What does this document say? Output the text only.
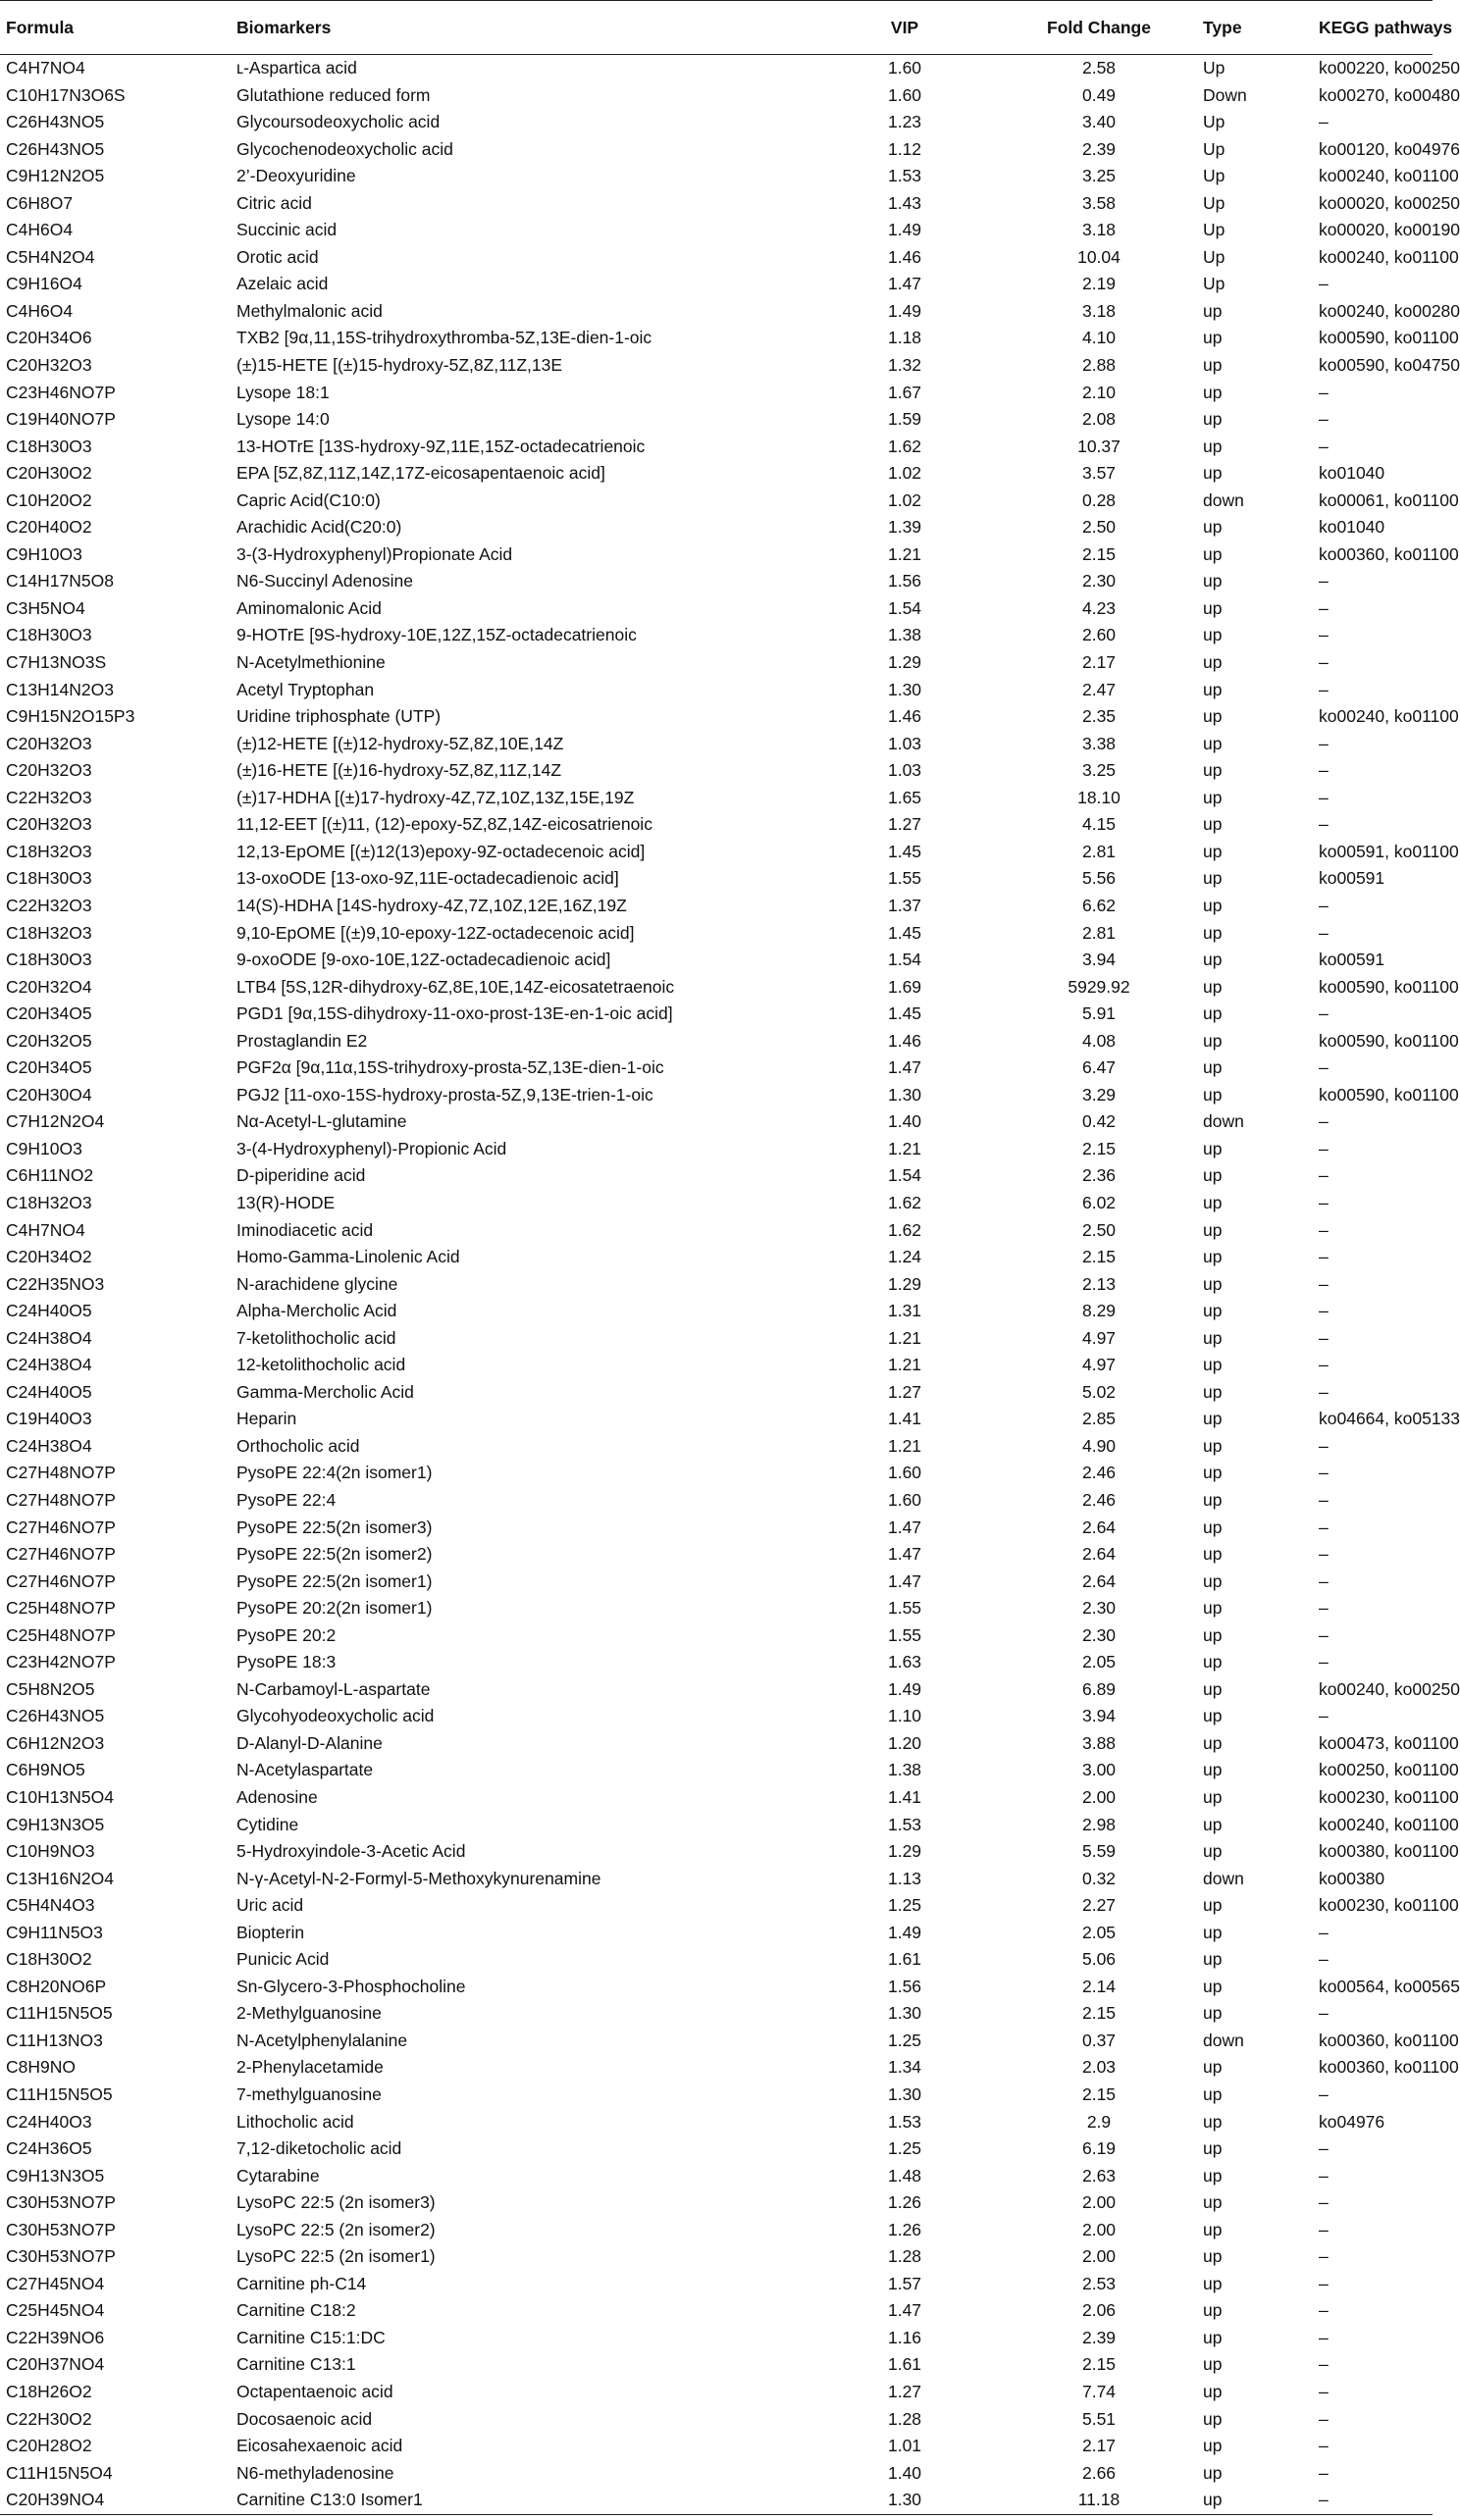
Formula	Biomarkers	VIP	Fold Change	Type	KEGG pathways
C4H7NO4	ʟ-Aspartica acid	1.60	2.58	Up	ko00220, ko00250
C10H17N3O6S	Glutathione reduced form	1.60	0.49	Down	ko00270, ko00480
C26H43NO5	Glycoursodeoxycholic acid	1.23	3.40	Up	–
C26H43NO5	Glycochenodeoxycholic acid	1.12	2.39	Up	ko00120, ko04976
C9H12N2O5	2’-Deoxyuridine	1.53	3.25	Up	ko00240, ko01100
C6H8O7	Citric acid	1.43	3.58	Up	ko00020, ko00250
C4H6O4	Succinic acid	1.49	3.18	Up	ko00020, ko00190
C5H4N2O4	Orotic acid	1.46	10.04	Up	ko00240, ko01100
C9H16O4	Azelaic acid	1.47	2.19	Up	–
C4H6O4	Methylmalonic acid	1.49	3.18	up	ko00240, ko00280
C20H34O6	TXB2 [9α,11,15S-trihydroxythromba-5Z,13E-dien-1-oic	1.18	4.10	up	ko00590, ko01100
C20H32O3	(±)15-HETE [(±)15-hydroxy-5Z,8Z,11Z,13E	1.32	2.88	up	ko00590, ko04750
C23H46NO7P	Lysope 18:1	1.67	2.10	up	–
C19H40NO7P	Lysope 14:0	1.59	2.08	up	–
C18H30O3	13-HOTrE [13S-hydroxy-9Z,11E,15Z-octadecatrienoic	1.62	10.37	up	–
C20H30O2	EPA [5Z,8Z,11Z,14Z,17Z-eicosapentaenoic acid]	1.02	3.57	up	ko01040
C10H20O2	Capric Acid(C10:0)	1.02	0.28	down	ko00061, ko01100
C20H40O2	Arachidic Acid(C20:0)	1.39	2.50	up	ko01040
C9H10O3	3-(3-Hydroxyphenyl)Propionate Acid	1.21	2.15	up	ko00360, ko01100
C14H17N5O8	N6-Succinyl Adenosine	1.56	2.30	up	–
C3H5NO4	Aminomalonic Acid	1.54	4.23	up	–
C18H30O3	9-HOTrE [9S-hydroxy-10E,12Z,15Z-octadecatrienoic	1.38	2.60	up	–
C7H13NO3S	N-Acetylmethionine	1.29	2.17	up	–
C13H14N2O3	Acetyl Tryptophan	1.30	2.47	up	–
C9H15N2O15P3	Uridine triphosphate (UTP)	1.46	2.35	up	ko00240, ko01100
C20H32O3	(±)12-HETE [(±)12-hydroxy-5Z,8Z,10E,14Z	1.03	3.38	up	–
C20H32O3	(±)16-HETE [(±)16-hydroxy-5Z,8Z,11Z,14Z	1.03	3.25	up	–
C22H32O3	(±)17-HDHA [(±)17-hydroxy-4Z,7Z,10Z,13Z,15E,19Z	1.65	18.10	up	–
C20H32O3	11,12-EET [(±)11, (12)-epoxy-5Z,8Z,14Z-eicosatrienoic	1.27	4.15	up	–
C18H32O3	12,13-EpOME [(±)12(13)epoxy-9Z-octadecenoic acid]	1.45	2.81	up	ko00591, ko01100
C18H30O3	13-oxoODE [13-oxo-9Z,11E-octadecadienoic acid]	1.55	5.56	up	ko00591
C22H32O3	14(S)-HDHA [14S-hydroxy-4Z,7Z,10Z,12E,16Z,19Z	1.37	6.62	up	–
C18H32O3	9,10-EpOME [(±)9,10-epoxy-12Z-octadecenoic acid]	1.45	2.81	up	–
C18H30O3	9-oxoODE [9-oxo-10E,12Z-octadecadienoic acid]	1.54	3.94	up	ko00591
C20H32O4	LTB4 [5S,12R-dihydroxy-6Z,8E,10E,14Z-eicosatetraenoic	1.69	5929.92	up	ko00590, ko01100
C20H34O5	PGD1 [9α,15S-dihydroxy-11-oxo-prost-13E-en-1-oic acid]	1.45	5.91	up	–
C20H32O5	Prostaglandin E2	1.46	4.08	up	ko00590, ko01100
C20H34O5	PGF2α [9α,11α,15S-trihydroxy-prosta-5Z,13E-dien-1-oic	1.47	6.47	up	–
C20H30O4	PGJ2 [11-oxo-15S-hydroxy-prosta-5Z,9,13E-trien-1-oic	1.30	3.29	up	ko00590, ko01100
C7H12N2O4	Nα-Acetyl-L-glutamine	1.40	0.42	down	–
C9H10O3	3-(4-Hydroxyphenyl)-Propionic Acid	1.21	2.15	up	–
C6H11NO2	D-piperidine acid	1.54	2.36	up	–
C18H32O3	13(R)-HODE	1.62	6.02	up	–
C4H7NO4	Iminodiacetic acid	1.62	2.50	up	–
C20H34O2	Homo-Gamma-Linolenic Acid	1.24	2.15	up	–
C22H35NO3	N-arachidene glycine	1.29	2.13	up	–
C24H40O5	Alpha-Mercholic Acid	1.31	8.29	up	–
C24H38O4	7-ketolithocholic acid	1.21	4.97	up	–
C24H38O4	12-ketolithocholic acid	1.21	4.97	up	–
C24H40O5	Gamma-Mercholic Acid	1.27	5.02	up	–
C19H40O3	Heparin	1.41	2.85	up	ko04664, ko05133
C24H38O4	Orthocholic acid	1.21	4.90	up	–
C27H48NO7P	PysoPE 22:4(2n isomer1)	1.60	2.46	up	–
C27H48NO7P	PysoPE 22:4	1.60	2.46	up	–
C27H46NO7P	PysoPE 22:5(2n isomer3)	1.47	2.64	up	–
C27H46NO7P	PysoPE 22:5(2n isomer2)	1.47	2.64	up	–
C27H46NO7P	PysoPE 22:5(2n isomer1)	1.47	2.64	up	–
C25H48NO7P	PysoPE 20:2(2n isomer1)	1.55	2.30	up	–
C25H48NO7P	PysoPE 20:2	1.55	2.30	up	–
C23H42NO7P	PysoPE 18:3	1.63	2.05	up	–
C5H8N2O5	N-Carbamoyl-L-aspartate	1.49	6.89	up	ko00240, ko00250
C26H43NO5	Glycohyodeoxycholic acid	1.10	3.94	up	–
C6H12N2O3	D-Alanyl-D-Alanine	1.20	3.88	up	ko00473, ko01100
C6H9NO5	N-Acetylaspartate	1.38	3.00	up	ko00250, ko01100
C10H13N5O4	Adenosine	1.41	2.00	up	ko00230, ko01100
C9H13N3O5	Cytidine	1.53	2.98	up	ko00240, ko01100
C10H9NO3	5-Hydroxyindole-3-Acetic Acid	1.29	5.59	up	ko00380, ko01100
C13H16N2O4	N-γ-Acetyl-N-2-Formyl-5-Methoxykynurenamine	1.13	0.32	down	ko00380
C5H4N4O3	Uric acid	1.25	2.27	up	ko00230, ko01100
C9H11N5O3	Biopterin	1.49	2.05	up	–
C18H30O2	Punicic Acid	1.61	5.06	up	–
C8H20NO6P	Sn-Glycero-3-Phosphocholine	1.56	2.14	up	ko00564, ko00565
C11H15N5O5	2-Methylguanosine	1.30	2.15	up	–
C11H13NO3	N-Acetylphenylalanine	1.25	0.37	down	ko00360, ko01100
C8H9NO	2-Phenylacetamide	1.34	2.03	up	ko00360, ko01100
C11H15N5O5	7-methylguanosine	1.30	2.15	up	–
C24H40O3	Lithocholic acid	1.53	2.9	up	ko04976
C24H36O5	7,12-diketocholic acid	1.25	6.19	up	–
C9H13N3O5	Cytarabine	1.48	2.63	up	–
C30H53NO7P	LysoPC 22:5 (2n isomer3)	1.26	2.00	up	–
C30H53NO7P	LysoPC 22:5 (2n isomer2)	1.26	2.00	up	–
C30H53NO7P	LysoPC 22:5 (2n isomer1)	1.28	2.00	up	–
C27H45NO4	Carnitine ph-C14	1.57	2.53	up	–
C25H45NO4	Carnitine C18:2	1.47	2.06	up	–
C22H39NO6	Carnitine C15:1:DC	1.16	2.39	up	–
C20H37NO4	Carnitine C13:1	1.61	2.15	up	–
C18H26O2	Octapentaenoic acid	1.27	7.74	up	–
C22H30O2	Docosaenoic acid	1.28	5.51	up	–
C20H28O2	Eicosahexaenoic acid	1.01	2.17	up	–
C11H15N5O4	N6-methyladenosine	1.40	2.66	up	–
C20H39NO4	Carnitine C13:0 Isomer1	1.30	11.18	up	–
